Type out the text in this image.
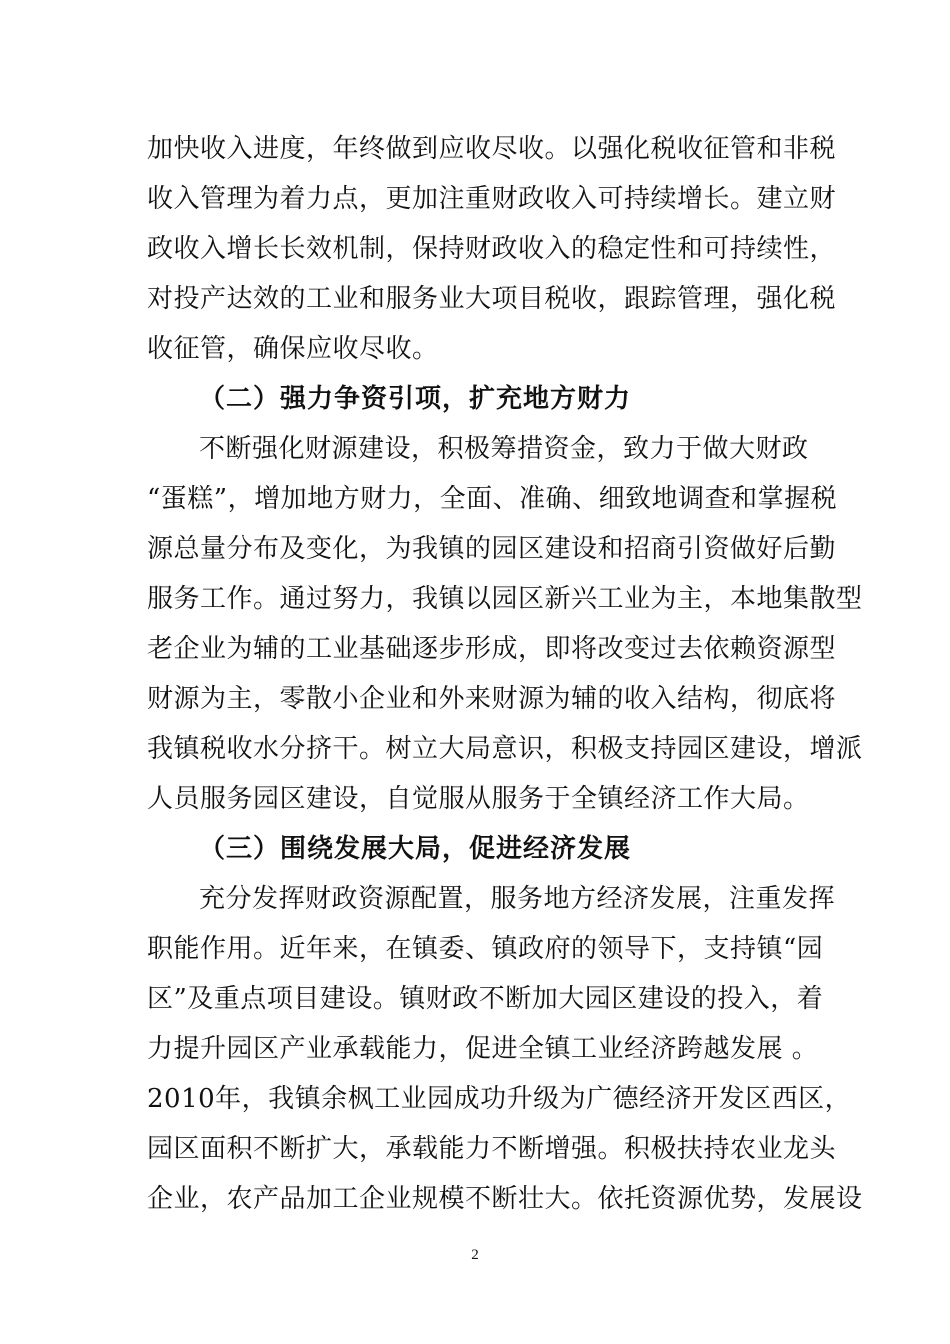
加快收入进度，年终做到应收尽收。以强化税收征管和非税
收入管理为着力点，更加注重财政收入可持续增长。建立财
政收入增长长效机制，保持财政收入的稳定性和可持续性，
对投产达效的工业和服务业大项目税收，跟踪管理，强化税
收征管，确保应收尽收。
（二）强力争资引项，扩充地方财力
不断强化财源建设，积极筹措资金，致力于做大财政
“蛋糕”，增加地方财力，全面、准确、细致地调查和掌握税
源总量分布及变化，为我镇的园区建设和招商引资做好后勤
服务工作。通过努力，我镇以园区新兴工业为主，本地集散型
老企业为辅的工业基础逐步形成，即将改变过去依赖资源型
财源为主，零散小企业和外来财源为辅的收入结构，彻底将
我镇税收水分挤干。树立大局意识，积极支持园区建设，增派
人员服务园区建设，自觉服从服务于全镇经济工作大局。
（三）围绕发展大局，促进经济发展
充分发挥财政资源配置，服务地方经济发展，注重发挥
职能作用。近年来，在镇委、镇政府的领导下，支持镇“园
区”及重点项目建设。镇财政不断加大园区建设的投入，着
力提升园区产业承载能力，促进全镇工业经济跨越发展 。
2010年，我镇余枫工业园成功升级为广德经济开发区西区，
园区面积不断扩大，承载能力不断增强。积极扶持农业龙头
企业，农产品加工企业规模不断壮大。依托资源优势，发展设
2
